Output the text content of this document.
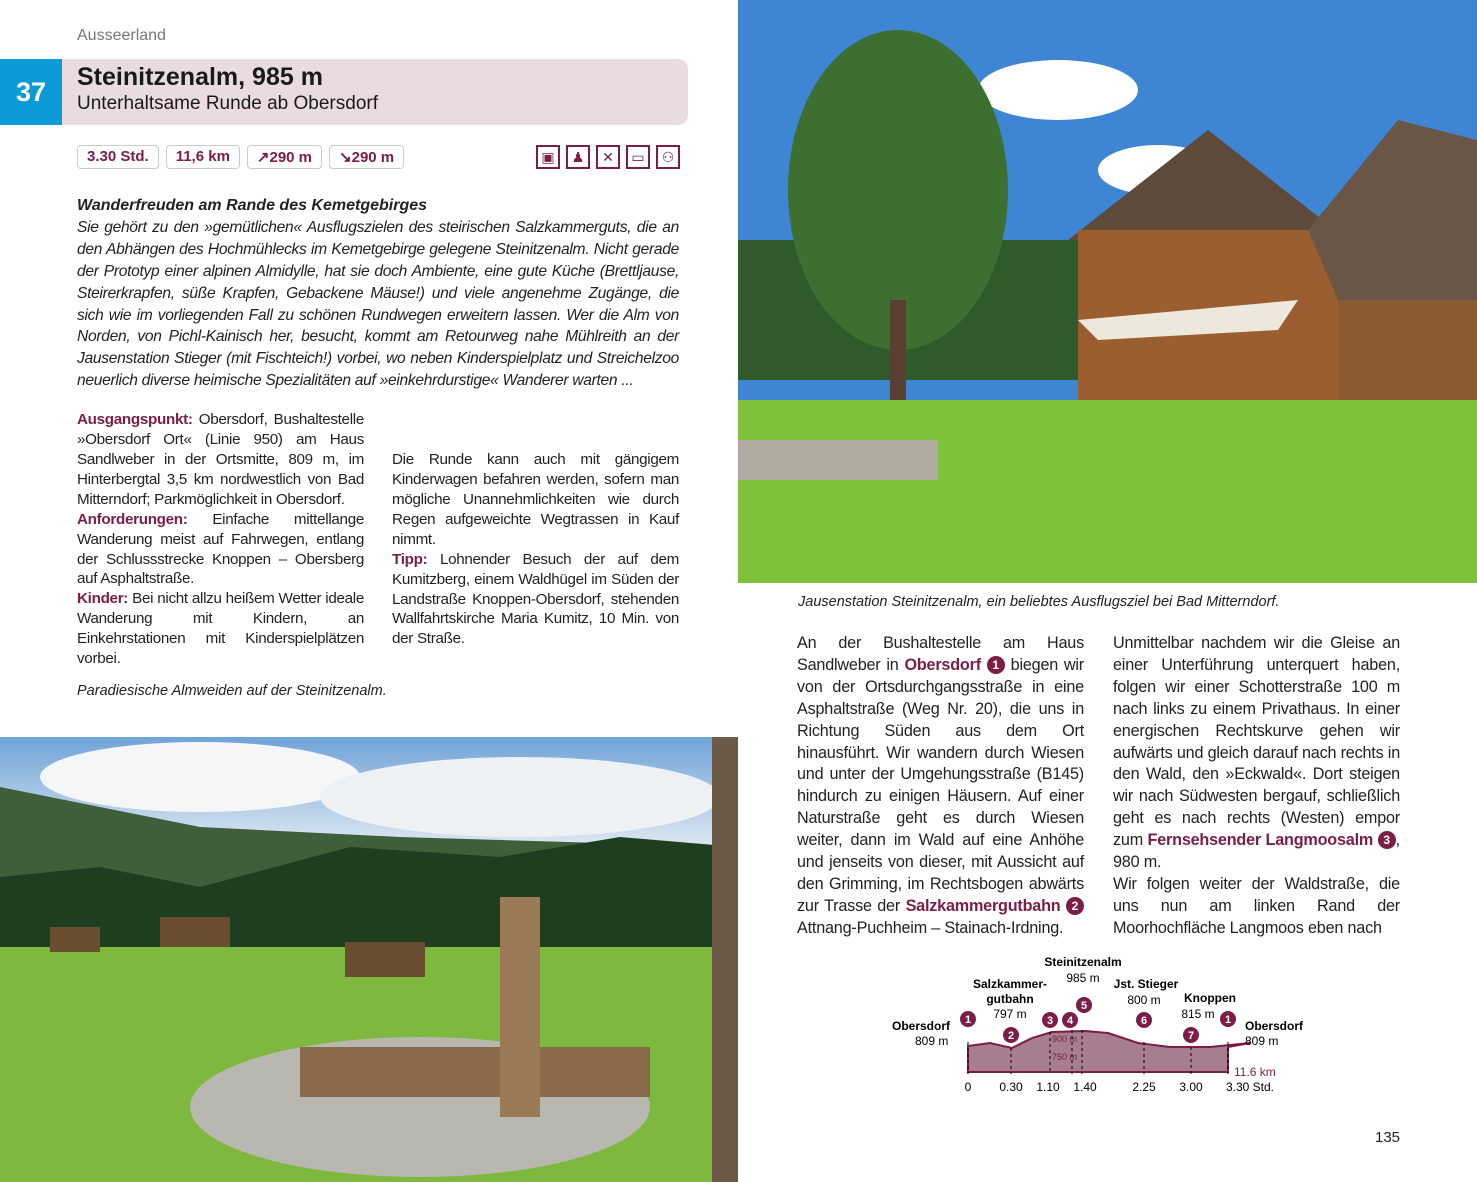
Ausseerland
37	Steinitzenalm, 985 m
Unterhaltsame Runde ab Obersdorf
3.30 Std.	11,6 km	↗290 m	↘290 m	▣	♟	✕	▭	⚇
Wanderfreuden am Rande des Kemetgebirges

Sie gehört zu den »gemütlichen« Ausflugszielen des steirischen Salzkammerguts, die an den Abhängen des Hochmühlecks im Kemetgebirge gelegene Steinitzenalm. Nicht gerade der Prototyp einer alpinen Almidylle, hat sie doch Ambiente, eine gute Küche (Brettljause, Steirerkrapfen, süße Krapfen, Gebackene Mäuse!) und viele angenehme Zugänge, die sich wie im vorliegenden Fall zu schönen Rundwegen erweitern lassen. Wer die Alm von Norden, von Pichl-Kainisch her, besucht, kommt am Retourweg nahe Mühlreith an der Jausenstation Stieger (mit Fischteich!) vorbei, wo neben Kinderspielplatz und Streichelzoo neuerlich diverse heimische Spezialitäten auf »einkehrdurstige« Wanderer warten ...

Ausgangspunkt: Obersdorf, Bushaltestelle »Obersdorf Ort« (Linie 950) am Haus Sandlweber in der Ortsmitte, 809 m, im Hinterbergtal 3,5 km nordwestlich von Bad Mitterndorf; Parkmöglichkeit in Obersdorf.
Anforderungen: Einfache mittellange Wanderung meist auf Fahrwegen, entlang der Schlussstrecke Knoppen – Obersberg auf Asphaltstraße.
Kinder: Bei nicht allzu heißem Wetter ideale Wanderung mit Kindern, an Einkehrstationen mit Kinderspielplätzen vorbei.
Die Runde kann auch mit gängigem Kinderwagen befahren werden, sofern man mögliche Unannehmlichkeiten wie durch Regen aufgeweichte Wegtrassen in Kauf nimmt.
Tipp: Lohnender Besuch der auf dem Kumitzberg, einem Waldhügel im Süden der Landstraße Knoppen-Obersdorf, stehenden Wallfahrtskirche Maria Kumitz, 10 Min. von der Straße.
Paradiesische Almweiden auf der Steinitzenalm.
Jausenstation Steinitzenalm, ein beliebtes Ausflugsziel bei Bad Mitterndorf.
An der Bushaltestelle am Haus Sandlweber in Obersdorf 1 biegen wir von der Ortsdurchgangsstraße in eine Asphaltstraße (Weg Nr. 20), die uns in Richtung Süden aus dem Ort hinausführt. Wir wandern durch Wiesen und unter der Umgehungsstraße (B145) hindurch zu einigen Häusern. Auf einer Naturstraße geht es durch Wiesen weiter, dann im Wald auf eine Anhöhe und jenseits von dieser, mit Aussicht auf den Grimming, im Rechtsbogen abwärts zur Trasse der Salzkammergutbahn 2 Attnang-Puchheim – Stainach-Irdning.
Unmittelbar nachdem wir die Gleise an einer Unterführung unterquert haben, folgen wir einer Schotterstraße 100 m nach links zu einem Privathaus. In einer energischen Rechtskurve gehen wir aufwärts und gleich darauf nach rechts in den Wald, den »Eckwald«. Dort steigen wir nach Südwesten bergauf, schließlich geht es nach rechts (Westen) empor zum Fernsehsender Langmoosalm 3 , 980 m.
Wir folgen weiter der Waldstraße, die uns nun am linken Rand der Moorhochfläche Langmoos eben nach
900 m
750 m
0 0.30 1.10 1.40	2.25 3.00 3.30 Std.
11.6 km
Obersdorf
809 m
Salzkammer-
gutbahn
797 m
Steinitzenalm
985 m Jst. Stieger
800 m Knoppen
815 m
Obersdorf
809 m
1
2
3 4
5
6
7
1
135
